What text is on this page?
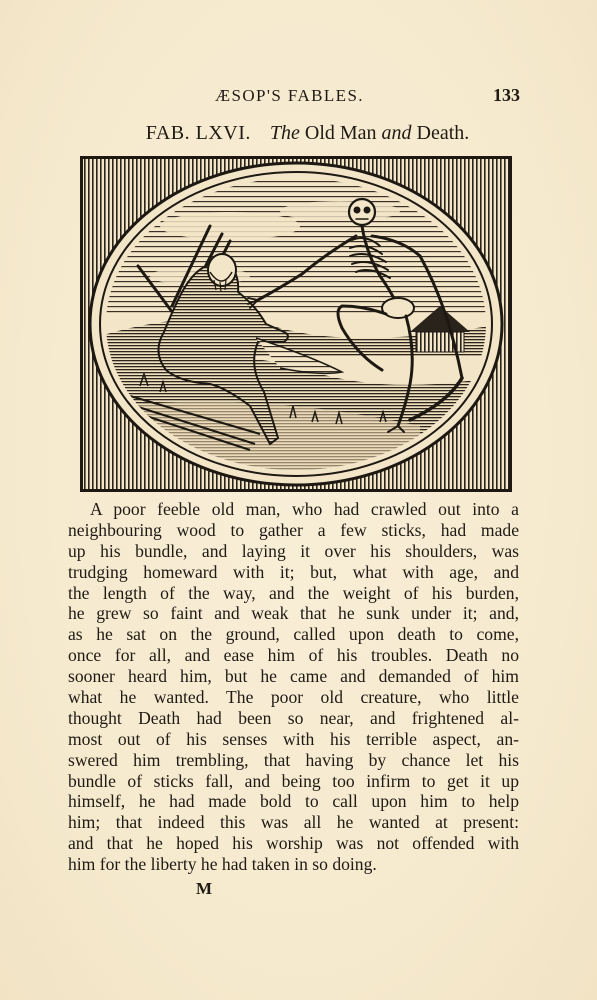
ÆSOP'S FABLES.	133
FAB. LXVI. The Old Man and Death.
A poor feeble old man, who had crawled out into a
neighbouring wood to gather a few sticks, had made
up his bundle, and laying it over his shoulders, was
trudging homeward with it; but, what with age, and
the length of the way, and the weight of his burden,
he grew so faint and weak that he sunk under it; and,
as he sat on the ground, called upon death to come,
once for all, and ease him of his troubles. Death no
sooner heard him, but he came and demanded of him
what he wanted. The poor old creature, who little
thought Death had been so near, and frightened al-
most out of his senses with his terrible aspect, an-
swered him trembling, that having by chance let his
bundle of sticks fall, and being too infirm to get it up
himself, he had made bold to call upon him to help
him; that indeed this was all he wanted at present:
and that he hoped his worship was not offended with
him for the liberty he had taken in so doing.
M
